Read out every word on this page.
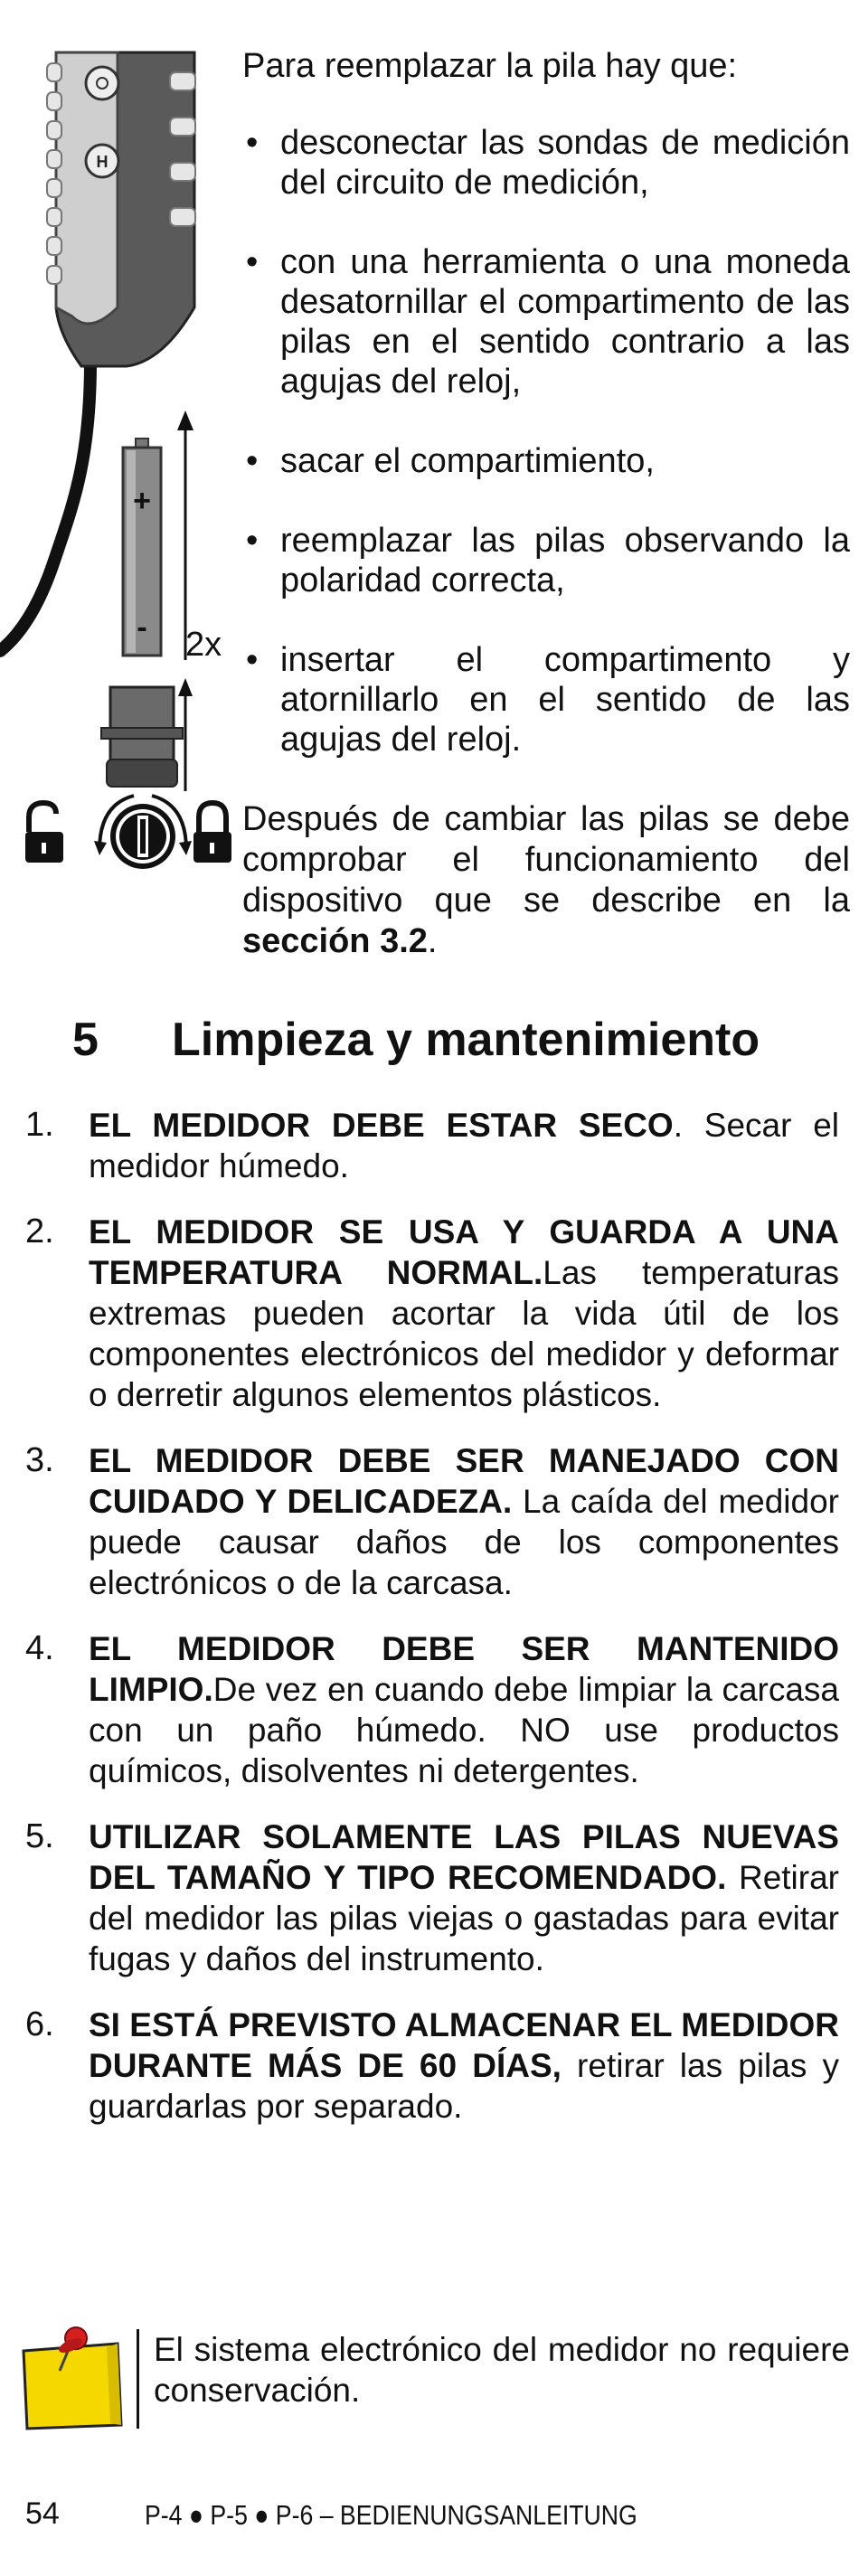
H
+
- 2x

Para reemplazar la pila hay que:

• desconectar las sondas de medición del circuito de medición,
• con una herramienta o una moneda desatornillar el compartimento de las pilas en el sentido contrario a las agujas del reloj,
• sacar el compartimiento,
• reemplazar las pilas observando la polaridad correcta,
• insertar el compartimento y atornillarlo en el sentido de las agujas del reloj.
Después de cambiar las pilas se debe comprobar el funcionamiento del dispositivo que se describe en la sección 3.2.
5 Limpieza y mantenimiento
1.	EL MEDIDOR DEBE ESTAR SECO. Secar el medidor húmedo.
2.	EL MEDIDOR SE USA Y GUARDA A UNA TEMPERATURA NORMAL.Las temperaturas extremas pueden acortar la vida útil de los componentes electrónicos del medidor y deformar o derretir algunos elementos plásticos.
3.	EL MEDIDOR DEBE SER MANEJADO CON CUIDADO Y DELICADEZA. La caída del medidor puede causar daños de los componentes electrónicos o de la carcasa.
4.	EL MEDIDOR DEBE SER MANTENIDO LIMPIO.De vez en cuando debe limpiar la carcasa con un paño húmedo. NO use productos químicos, disolventes ni detergentes.
5.	UTILIZAR SOLAMENTE LAS PILAS NUEVAS DEL TAMAÑO Y TIPO RECOMENDADO. Retirar del medidor las pilas viejas o gastadas para evitar fugas y daños del instrumento.
6.	SI ESTÁ PREVISTO ALMACENAR EL MEDIDOR DURANTE MÁS DE 60 DÍAS, retirar las pilas y guardarlas por separado.
El sistema electrónico del medidor no requiere conservación.
54	P-4 ● P-5 ● P-6 – BEDIENUNGSANLEITUNG
